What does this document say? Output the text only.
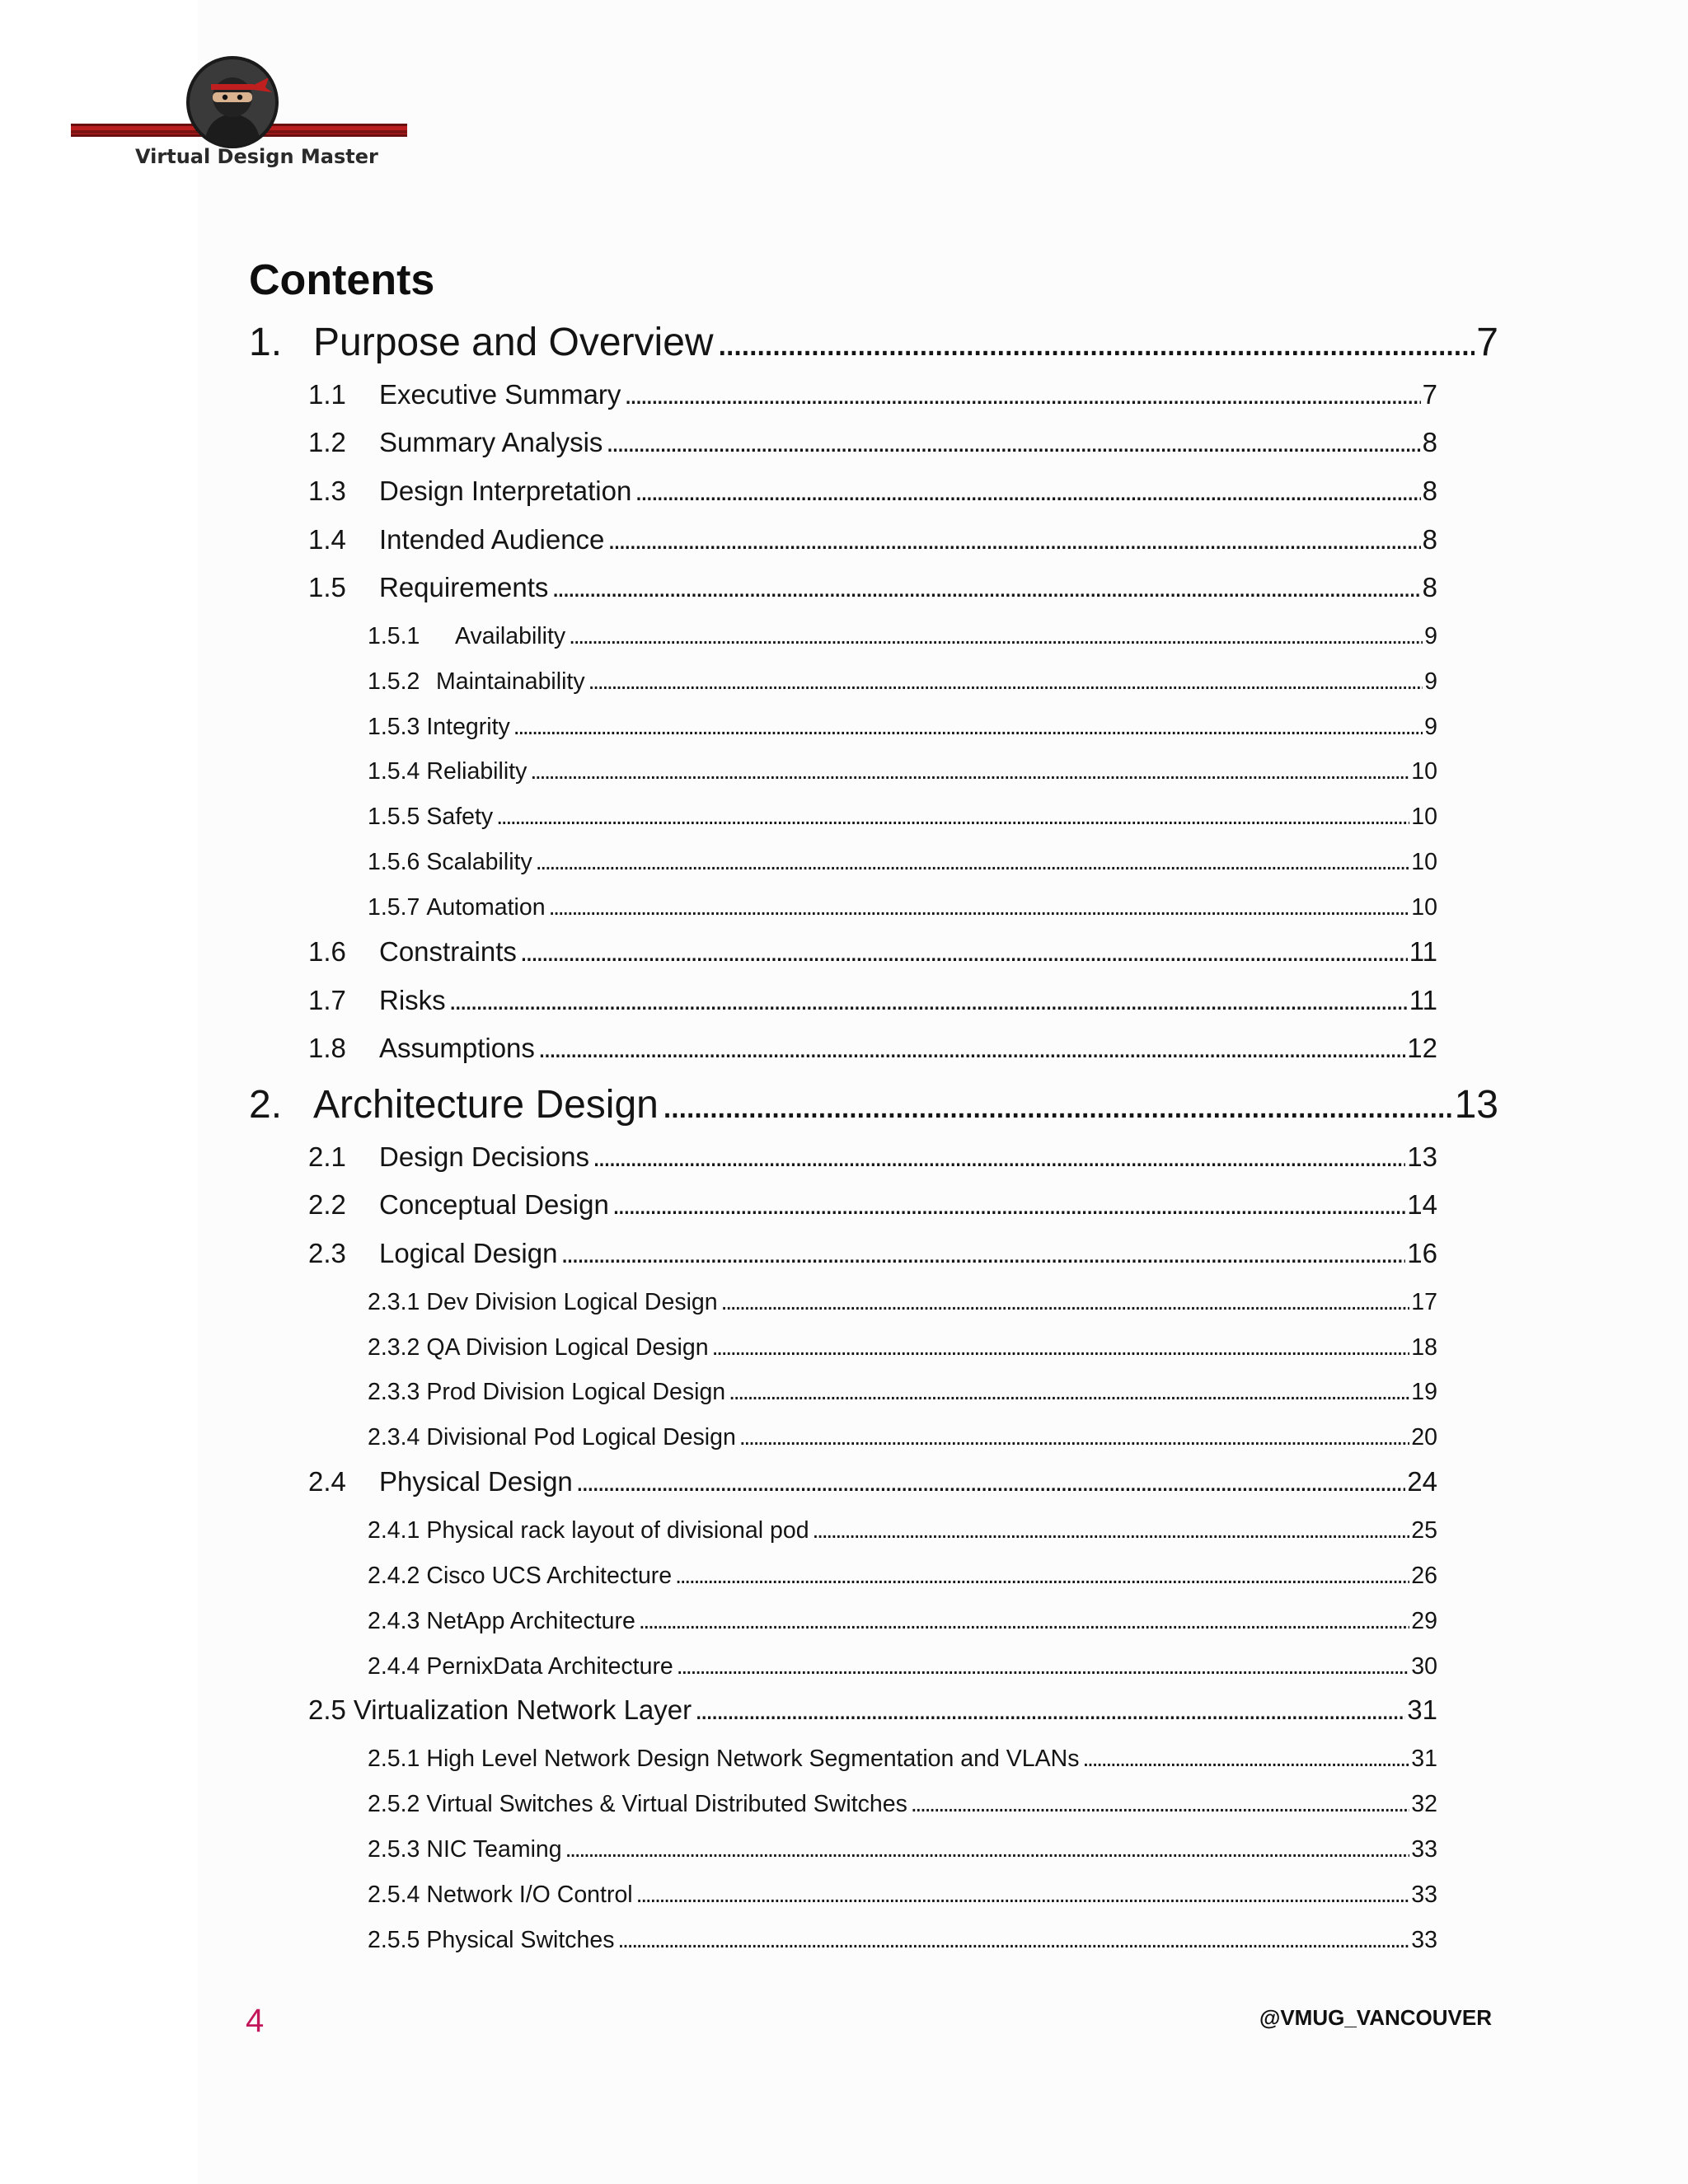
Virtual Design Master
Contents
1. Purpose and Overview . . .	7
1.1	Executive Summary . . .	7
1.2	Summary Analysis . . .	8
1.3	Design Interpretation . . .	8
1.4	Intended Audience . . .	8
1.5	Requirements . . .	8
1.5.1	Availability . . .	9
1.5.2 Maintainability . . .	9
1.5.3 Integrity . . .	9
1.5.4 Reliability . . .	10
1.5.5 Safety . . .	10
1.5.6 Scalability . . .	10
1.5.7 Automation . . .	10
1.6	Constraints . . .	11
1.7	Risks . . .	11
1.8	Assumptions . . .	12
2. Architecture Design . . .	13
2.1	Design Decisions . . .	13
2.2	Conceptual Design . . .	14
2.3	Logical Design . . .	16
2.3.1 Dev Division Logical Design . . .	17
2.3.2 QA Division Logical Design . . .	18
2.3.3 Prod Division Logical Design . . .	19
2.3.4 Divisional Pod Logical Design . . .	20
2.4	Physical Design . . .	24
2.4.1 Physical rack layout of divisional pod . . .	25
2.4.2 Cisco UCS Architecture . . .	26
2.4.3 NetApp Architecture . . .	29
2.4.4 PernixData Architecture . . .	30
2.5 Virtualization Network Layer . . .	31
2.5.1 High Level Network Design Network Segmentation and VLANs . . .	31
2.5.2 Virtual Switches & Virtual Distributed Switches . . .	32
2.5.3 NIC Teaming . . .	33
2.5.4 Network I/O Control . . .	33
2.5.5 Physical Switches . . .	33
4	@VMUG_VANCOUVER
